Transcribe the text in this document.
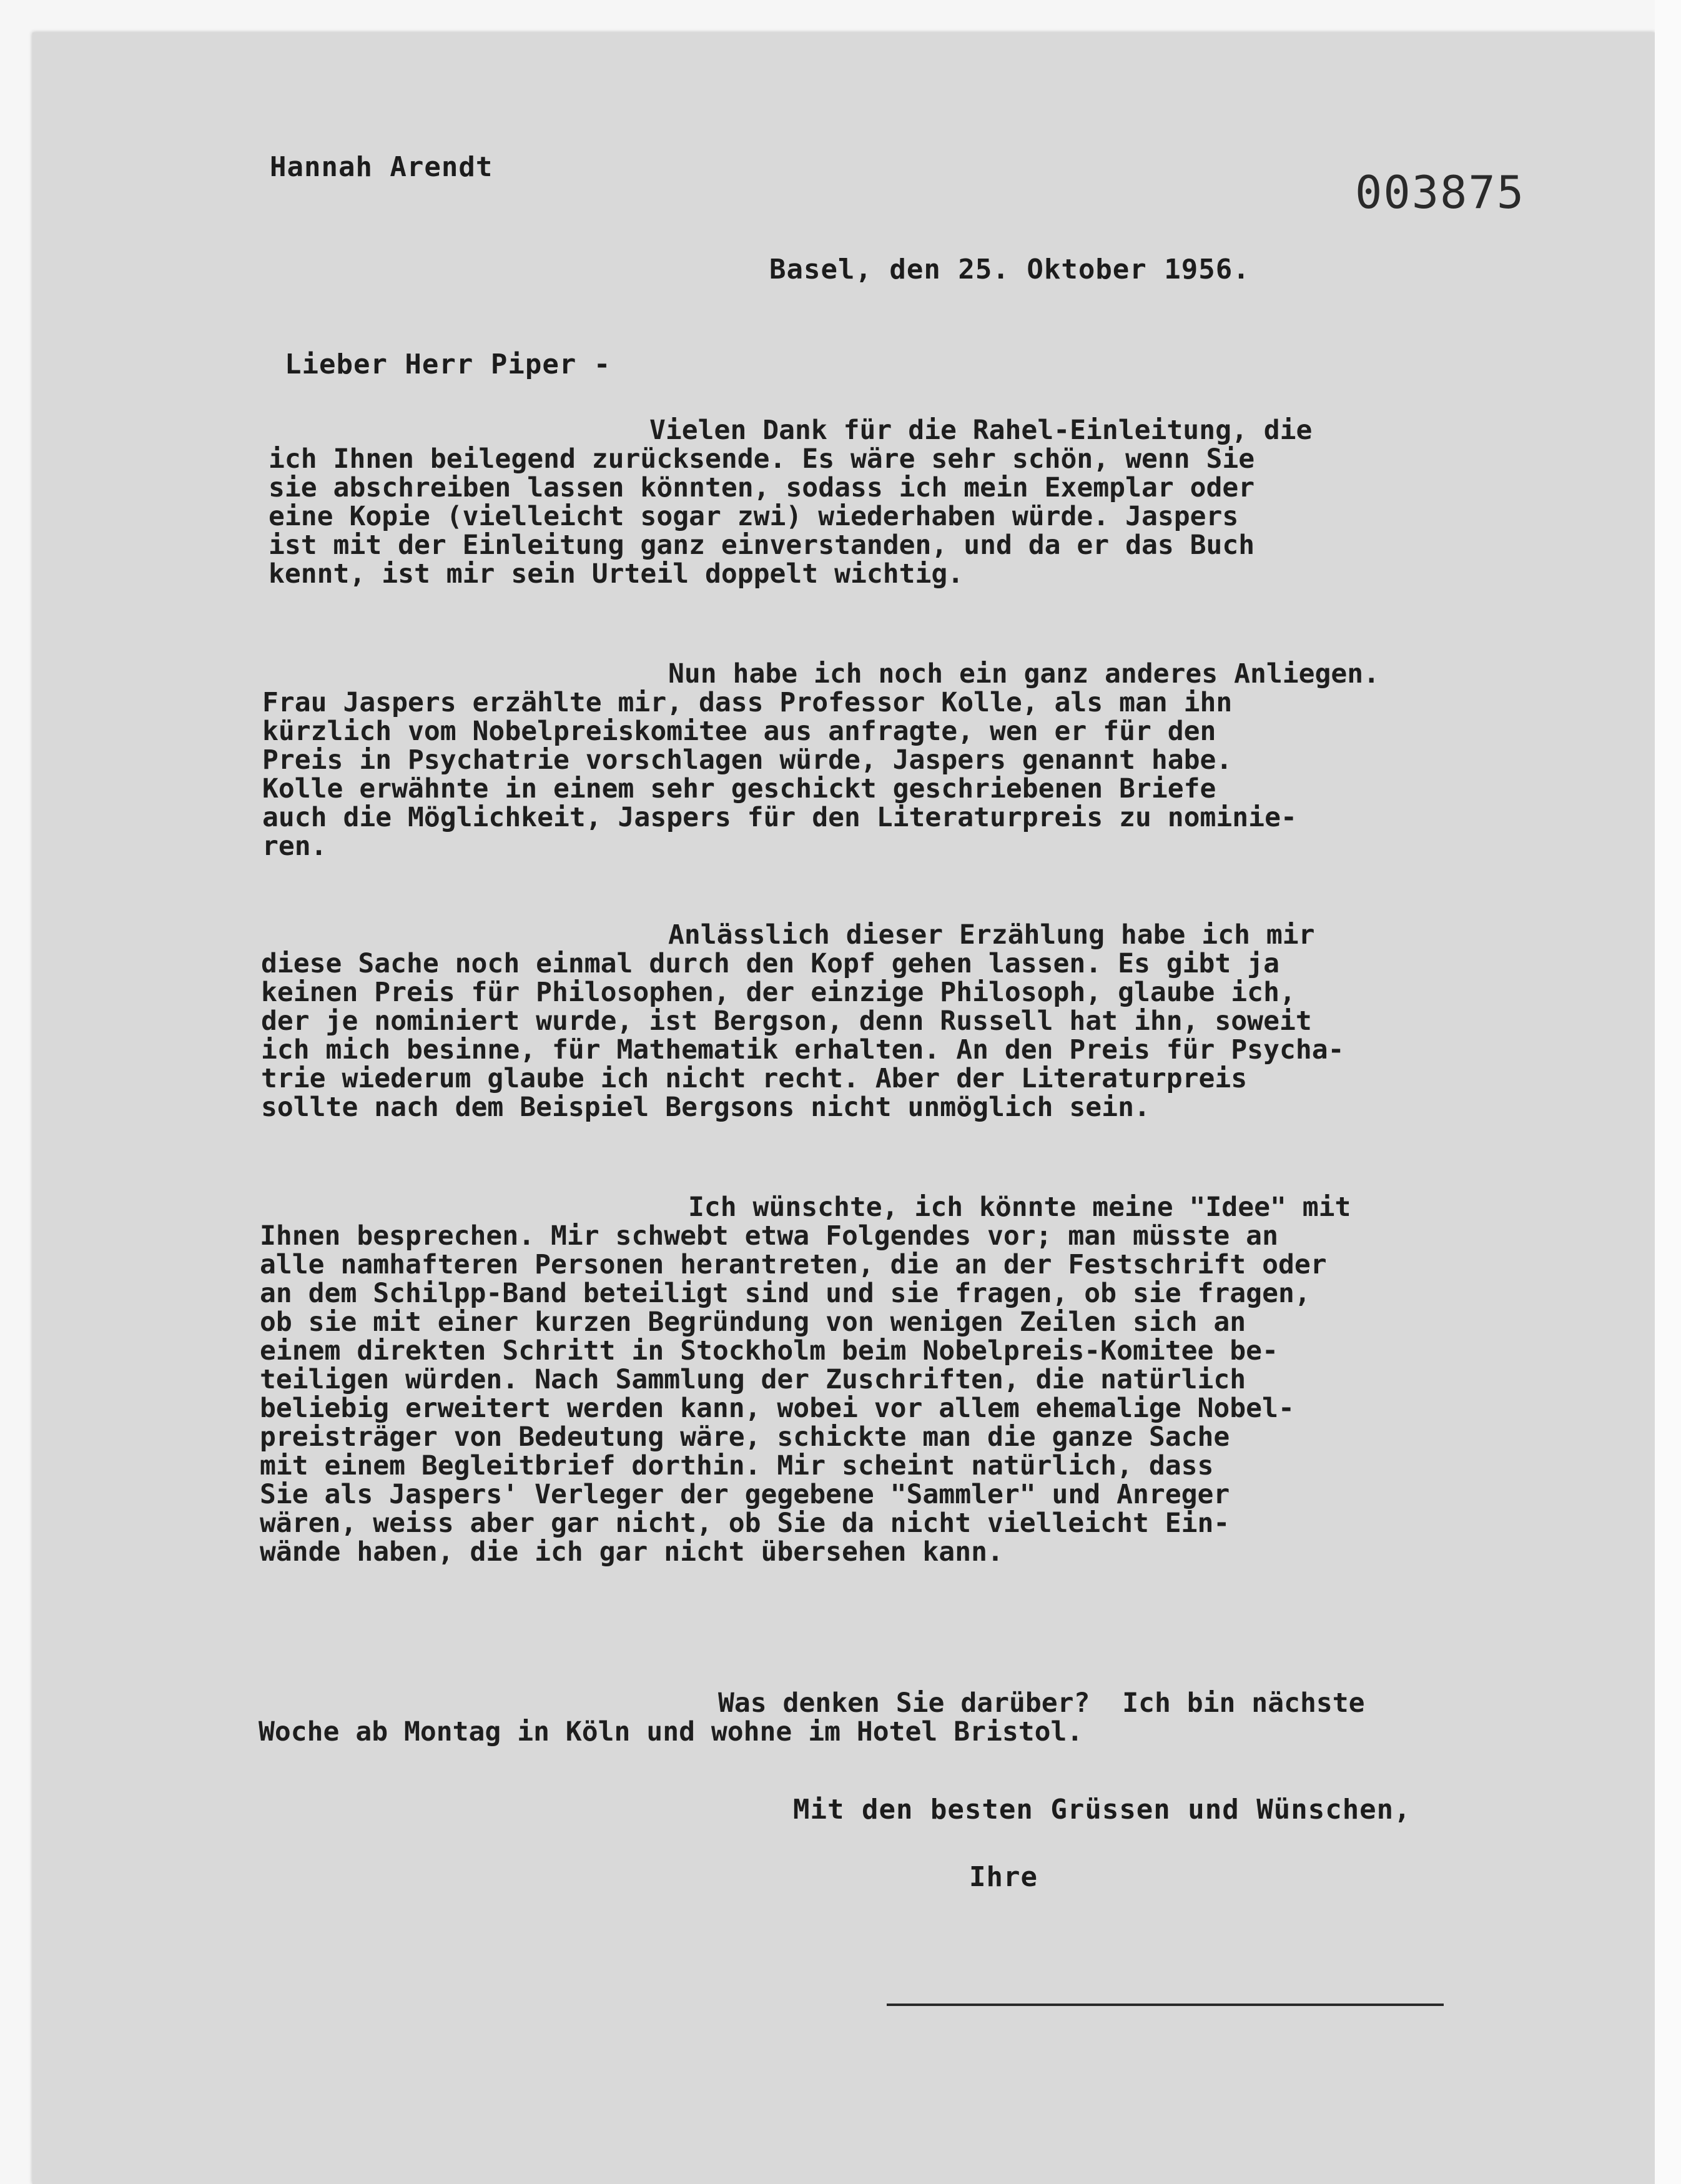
Hannah Arendt	003875
Basel, den 25. Oktober 1956.
Lieber Herr Piper -
Vielen Dank für die Rahel-Einleitung, die
ich Ihnen beilegend zurücksende. Es wäre sehr schön, wenn Sie
sie abschreiben lassen könnten, sodass ich mein Exemplar oder
eine Kopie (vielleicht sogar zwi) wiederhaben würde. Jaspers
ist mit der Einleitung ganz einverstanden, und da er das Buch
kennt, ist mir sein Urteil doppelt wichtig.
Nun habe ich noch ein ganz anderes Anliegen.
Frau Jaspers erzählte mir, dass Professor Kolle, als man ihn
kürzlich vom Nobelpreiskomitee aus anfragte, wen er für den
Preis in Psychatrie vorschlagen würde, Jaspers genannt habe.
Kolle erwähnte in einem sehr geschickt geschriebenen Briefe
auch die Möglichkeit, Jaspers für den Literaturpreis zu nominie-
ren.
Anlässlich dieser Erzählung habe ich mir
diese Sache noch einmal durch den Kopf gehen lassen. Es gibt ja
keinen Preis für Philosophen, der einzige Philosoph, glaube ich,
der je nominiert wurde, ist Bergson, denn Russell hat ihn, soweit
ich mich besinne, für Mathematik erhalten. An den Preis für Psycha-
trie wiederum glaube ich nicht recht. Aber der Literaturpreis
sollte nach dem Beispiel Bergsons nicht unmöglich sein.
Ich wünschte, ich könnte meine "Idee" mit
Ihnen besprechen. Mir schwebt etwa Folgendes vor; man müsste an
alle namhafteren Personen herantreten, die an der Festschrift oder
an dem Schilpp-Band beteiligt sind und sie fragen, ob sie fragen,
ob sie mit einer kurzen Begründung von wenigen Zeilen sich an
einem direkten Schritt in Stockholm beim Nobelpreis-Komitee be-
teiligen würden. Nach Sammlung der Zuschriften, die natürlich
beliebig erweitert werden kann, wobei vor allem ehemalige Nobel-
preisträger von Bedeutung wäre, schickte man die ganze Sache
mit einem Begleitbrief dorthin. Mir scheint natürlich, dass
Sie als Jaspers' Verleger der gegebene "Sammler" und Anreger
wären, weiss aber gar nicht, ob Sie da nicht vielleicht Ein-
wände haben, die ich gar nicht übersehen kann.
Was denken Sie darüber?  Ich bin nächste
Woche ab Montag in Köln und wohne im Hotel Bristol.
Mit den besten Grüssen und Wünschen,
Ihre
